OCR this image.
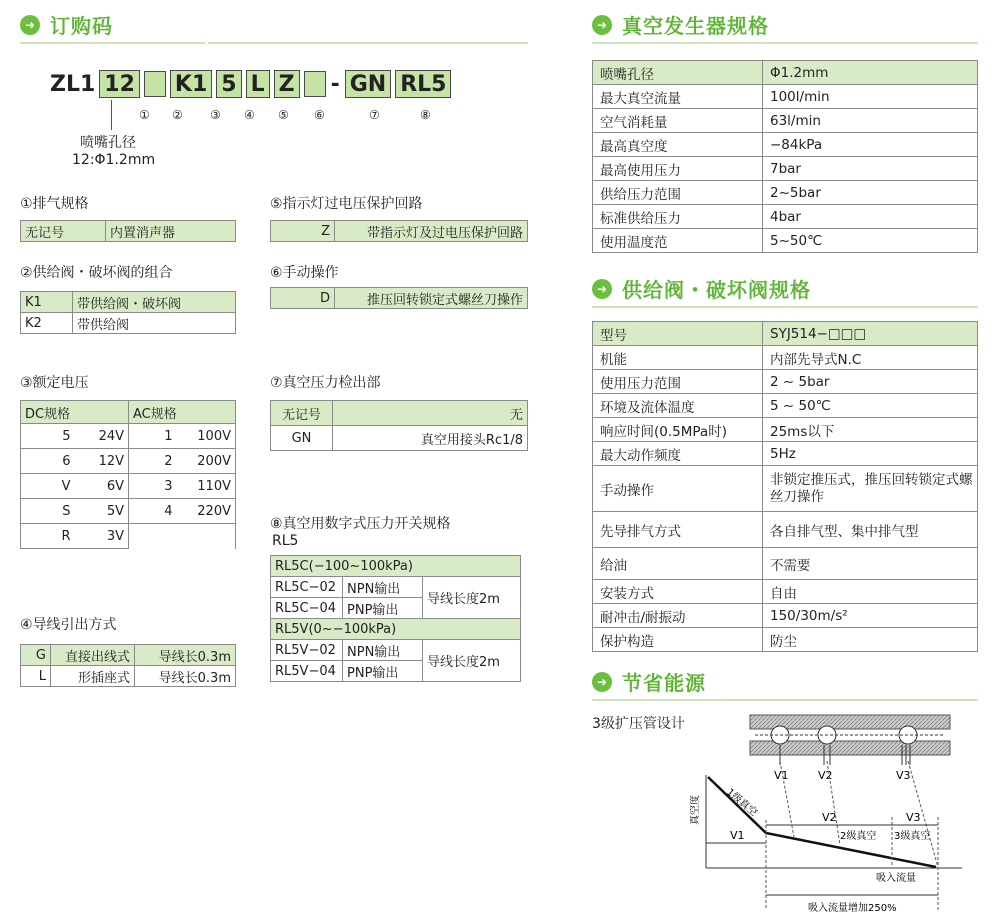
➜ 订购码
ZL1 12 K1 5 L Z - GN RL5
① ② ③ ④ ⑤ ⑥	⑦	⑧
喷嘴孔径
12:Φ1.2mm
①排气规格
无记号	内置消声器
②供给阀・破坏阀的组合
K1	带供给阀・破坏阀
K2	带供给阀
③额定电压
DC规格		AC规格	
5	24V	1	100V
6	12V	2	200V
V	6V	3	110V
S	5V	4	220V
R	3V		
④导线引出方式
G	直接出线式	导线长0.3m
L	形插座式	导线长0.3m
⑤指示灯过电压保护回路
Z	带指示灯及过电压保护回路
⑥手动操作
D	推压回转锁定式螺丝刀操作
⑦真空压力检出部
无记号	无
GN	真空用接头Rc1/8
⑧真空用数字式压力开关规格
RL5
RL5C(−100~100kPa)		
RL5C−02	NPN输出	导线长度2m
RL5C−04	PNP输出	
RL5V(0~−100kPa)		
RL5V−02	NPN输出	导线长度2m
RL5V−04	PNP输出	
➜ 真空发生器规格
喷嘴孔径	Φ1.2mm
最大真空流量	100l/min
空气消耗量	63l/min
最高真空度	−84kPa
最高使用压力	7bar
供给压力范围	2~5bar
标准供给压力	4bar
使用温度范	5~50℃
➜ 供给阀・破坏阀规格
型号	SYJ514−□□□
机能	内部先导式N.C
使用压力范围	2 ~ 5bar
环境及流体温度	5 ~ 50℃
响应时间(0.5MPa时)	25ms以下
最大动作频度	5Hz
手动操作	非锁定推压式，推压回转锁定式螺丝刀操作
先导排气方式	各自排气型、集中排气型
给油	不需要
安装方式	自由
耐冲击/耐振动	150/30m/s²
保护构造	防尘
➜ 节省能源
3级扩压管设计
V1	V2	V3
真空度 1级真空	V2	V3
V1	2级真空 3级真空
吸入流量
吸入流量增加250%
